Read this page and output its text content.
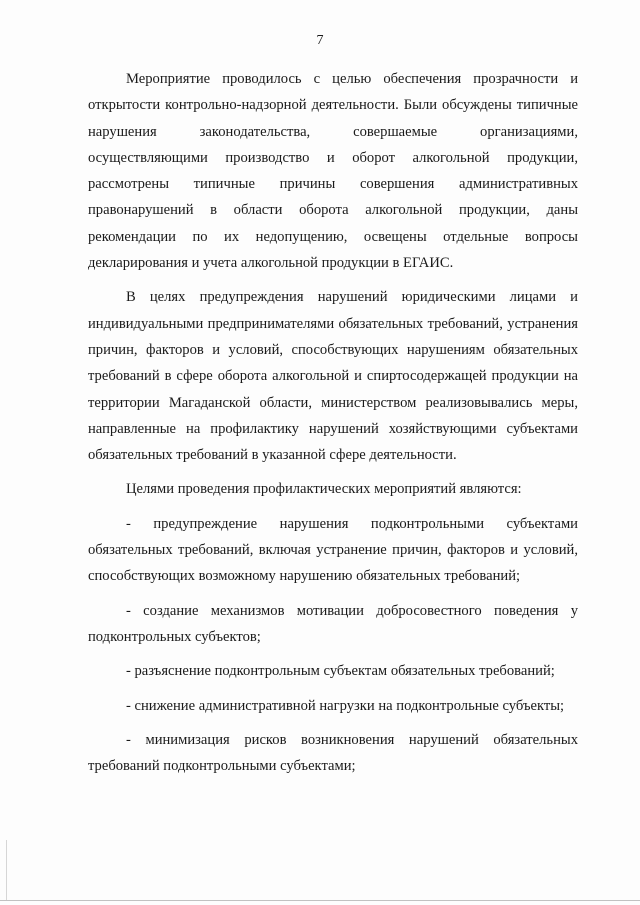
7

Мероприятие проводилось с целью обеспечения прозрачности и открытости контрольно-надзорной деятельности. Были обсуждены типичные нарушения законодательства, совершаемые организациями, осуществляющими производство и оборот алкогольной продукции, рассмотрены типичные причины совершения административных правонарушений в области оборота алкогольной продукции, даны рекомендации по их недопущению, освещены отдельные вопросы декларирования и учета алкогольной продукции в ЕГАИС.

В целях предупреждения нарушений юридическими лицами и индивидуальными предпринимателями обязательных требований, устранения причин, факторов и условий, способствующих нарушениям обязательных требований в сфере оборота алкогольной и спиртосодержащей продукции на территории Магаданской области, министерством реализовывались меры, направленные на профилактику нарушений хозяйствующими субъектами обязательных требований в указанной сфере деятельности.

Целями проведения профилактических мероприятий являются:

- предупреждение нарушения подконтрольными субъектами обязательных требований, включая устранение причин, факторов и условий, способствующих возможному нарушению обязательных требований;

- создание механизмов мотивации добросовестного поведения у подконтрольных субъектов;

- разъяснение подконтрольным субъектам обязательных требований;

- снижение административной нагрузки на подконтрольные субъекты;

- минимизация рисков возникновения нарушений обязательных требований подконтрольными субъектами;
